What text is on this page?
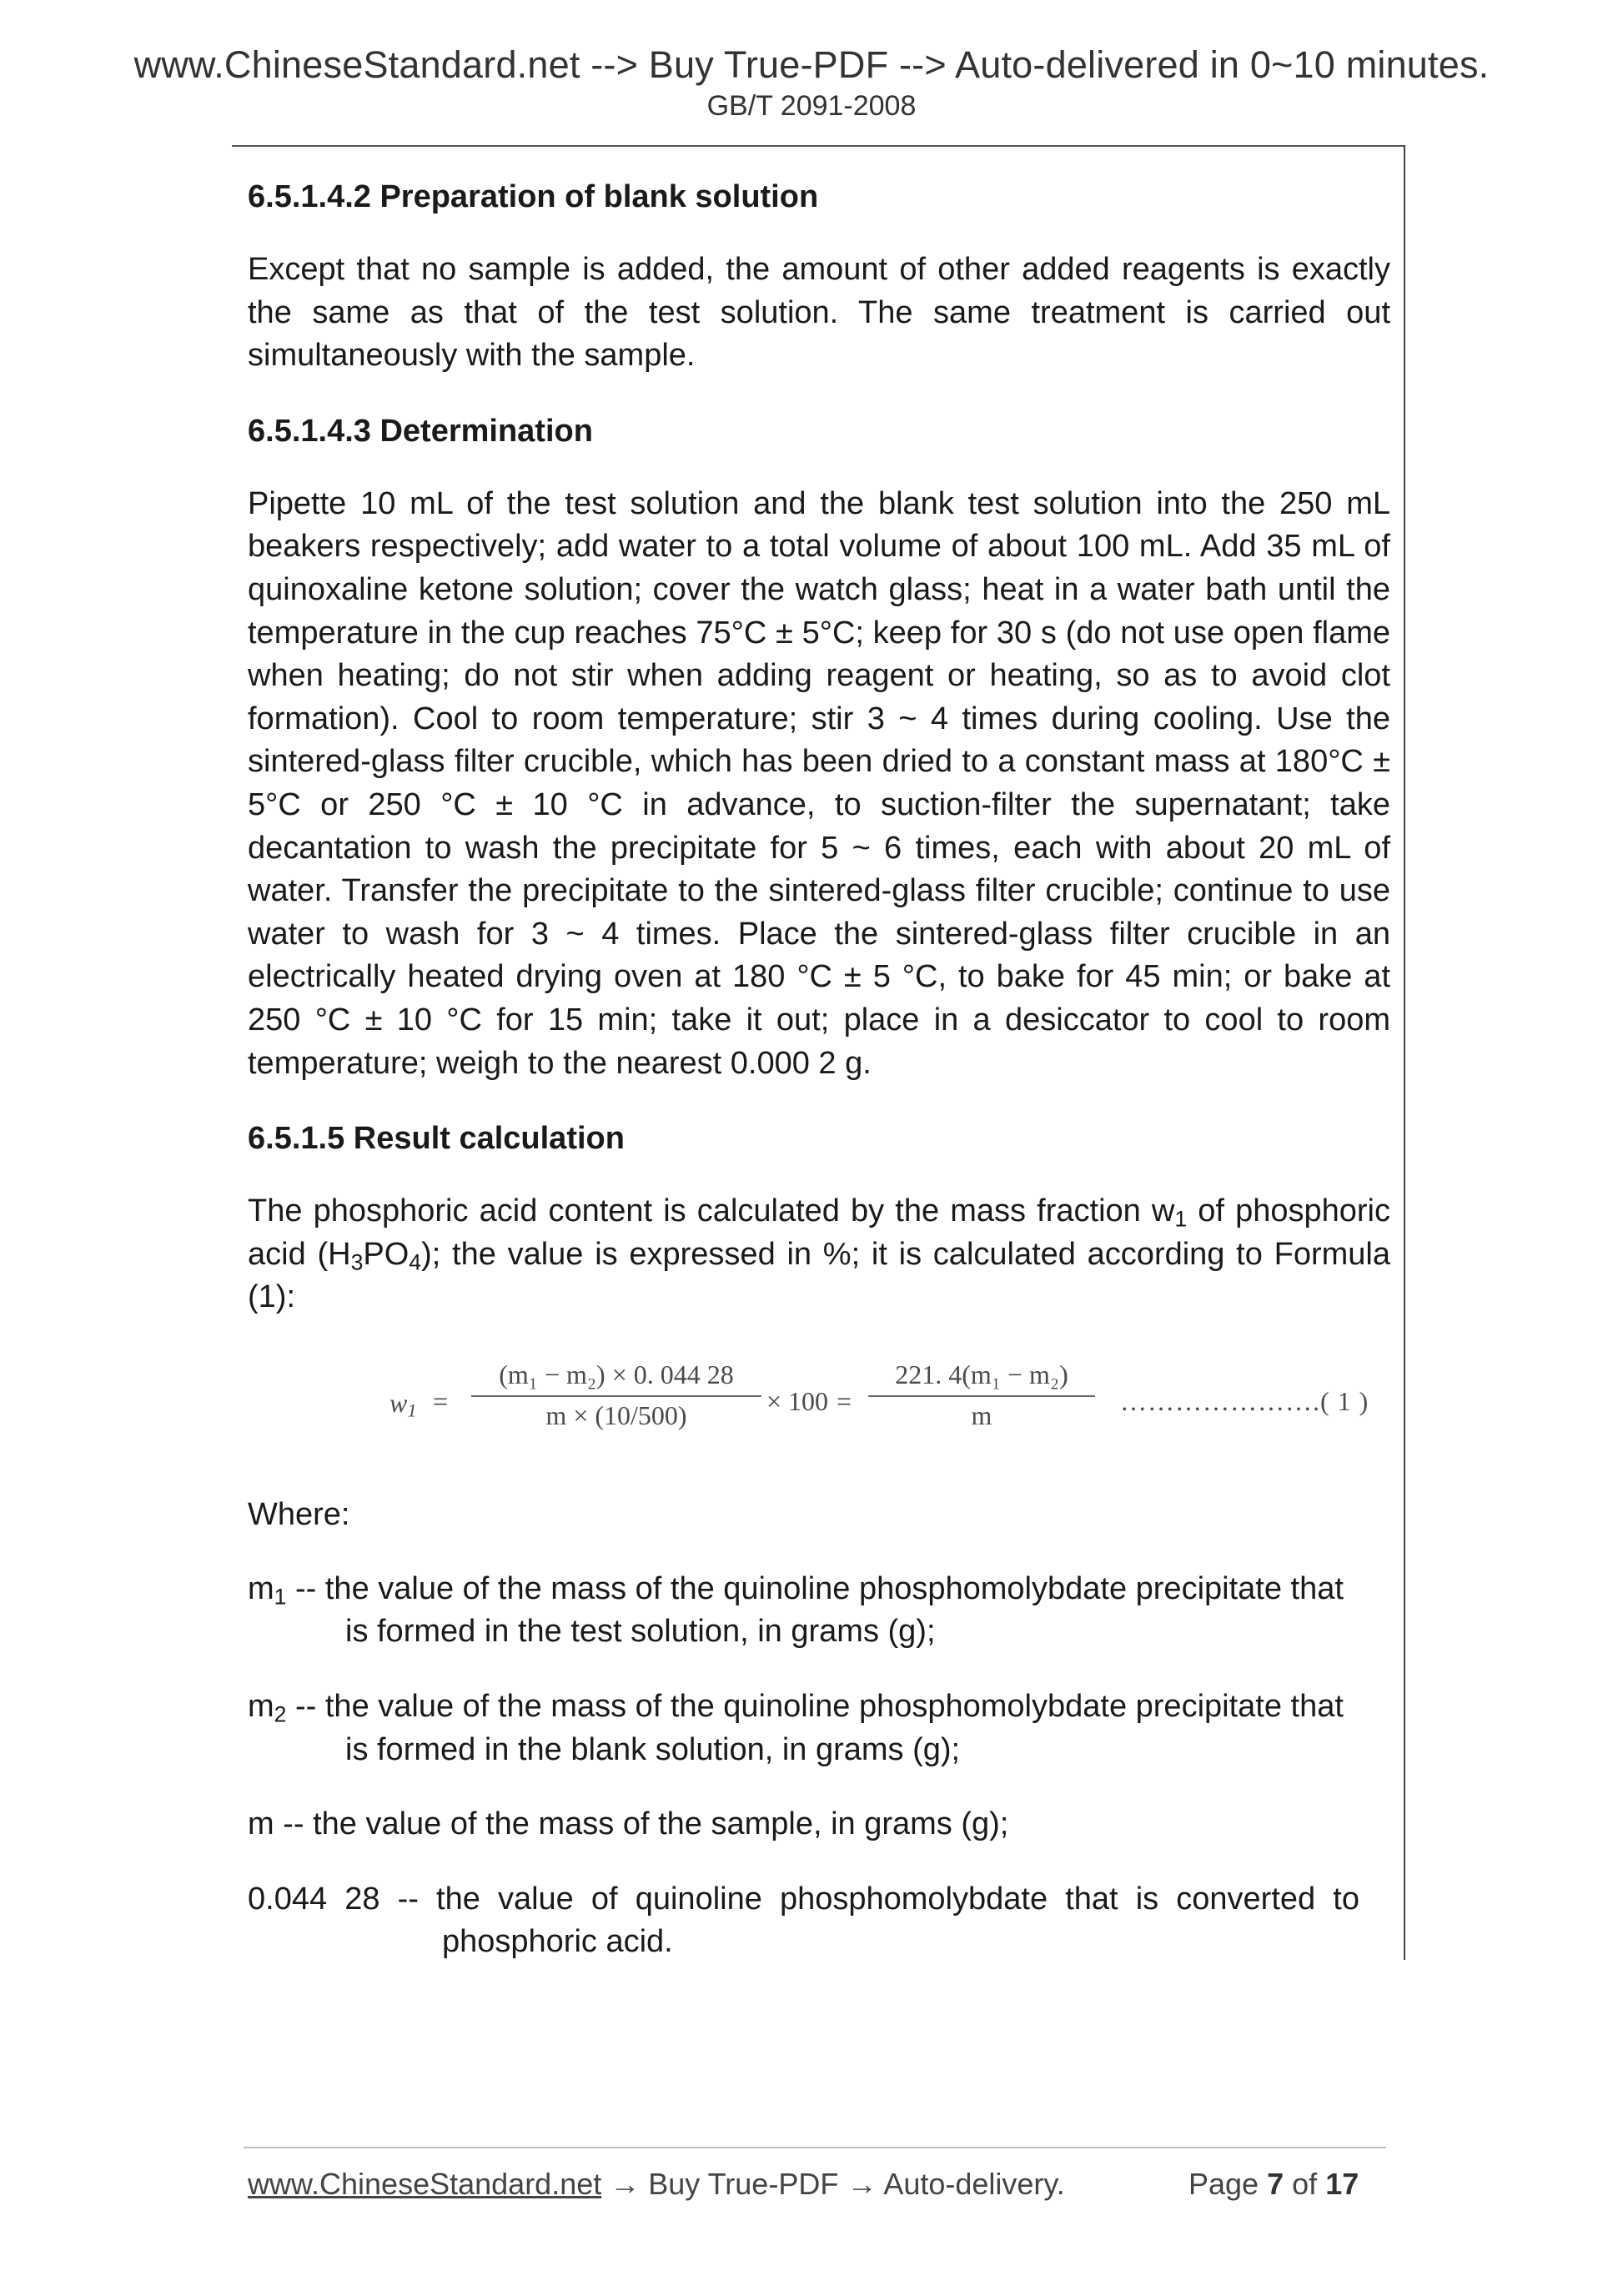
www.ChineseStandard.net --> Buy True-PDF --> Auto-delivered in 0~10 minutes.
GB/T 2091-2008
6.5.1.4.2 Preparation of blank solution
Except that no sample is added, the amount of other added reagents is exactly the same as that of the test solution. The same treatment is carried out simultaneously with the sample.
6.5.1.4.3 Determination
Pipette 10 mL of the test solution and the blank test solution into the 250 mL beakers respectively; add water to a total volume of about 100 mL. Add 35 mL of quinoxaline ketone solution; cover the watch glass; heat in a water bath until the temperature in the cup reaches 75°C ± 5°C; keep for 30 s (do not use open flame when heating; do not stir when adding reagent or heating, so as to avoid clot formation). Cool to room temperature; stir 3 ~ 4 times during cooling. Use the sintered-glass filter crucible, which has been dried to a constant mass at 180°C ± 5°C or 250 °C ± 10 °C in advance, to suction-filter the supernatant; take decantation to wash the precipitate for 5 ~ 6 times, each with about 20 mL of water. Transfer the precipitate to the sintered-glass filter crucible; continue to use water to wash for 3 ~ 4 times. Place the sintered-glass filter crucible in an electrically heated drying oven at 180 °C ± 5 °C, to bake for 45 min; or bake at 250 °C ± 10 °C for 15 min; take it out; place in a desiccator to cool to room temperature; weigh to the nearest 0.000 2 g.
6.5.1.5 Result calculation
The phosphoric acid content is calculated by the mass fraction $w_1$ of phosphoric acid $(H_3PO_4)$; the value is expressed in %; it is calculated according to Formula (1):
$w_1 = \frac{\text{(m₁ − m₂) × 0. 044 28}}{m \times (10/500)} \times 100 = \frac{\text{221. 4(m₁ − m₂)}}{m}$ ………………….( 1 )
Where:
$m_1$ -- the value of the mass of the quinoline phosphomolybdate precipitate that
is formed in the test solution, in grams (g);
$m_2$ -- the value of the mass of the quinoline phosphomolybdate precipitate that
is formed in the blank solution, in grams (g);
m -- the value of the mass of the sample, in grams (g);
0.044  28  --  the  value  of  quinoline  phosphomolybdate  that  is  converted  to
phosphoric acid.
www.ChineseStandard.net → Buy True-PDF → Auto-delivery.	Page 7 of 17
